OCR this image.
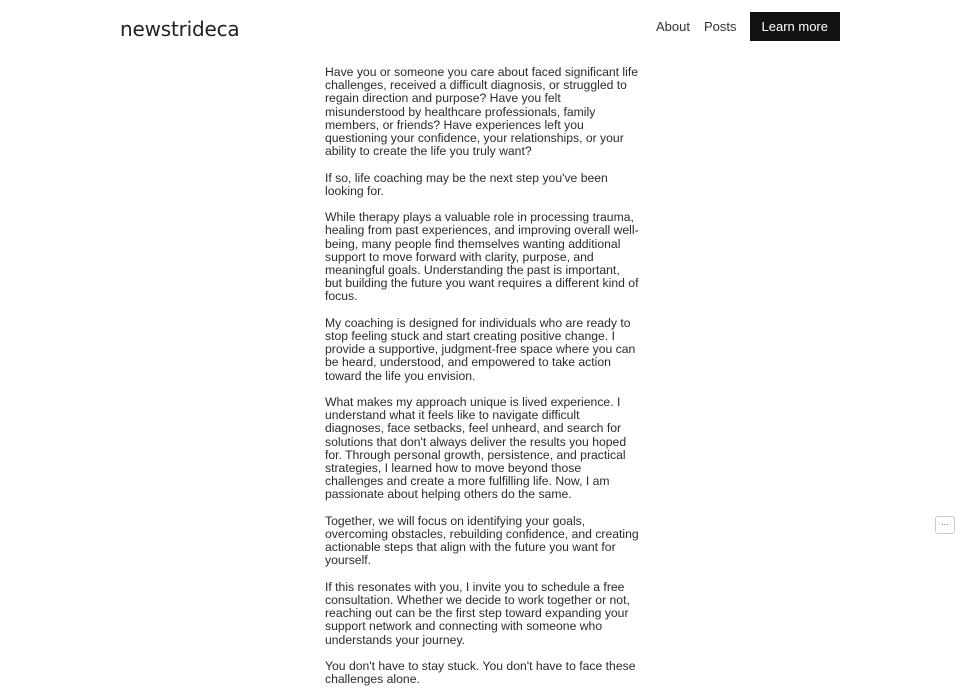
newstrideca	About Posts	Learn more

Have you or someone you care about faced significant life challenges, received a difficult diagnosis, or struggled to regain direction and purpose? Have you felt misunderstood by healthcare professionals, family members, or friends? Have experiences left you questioning your confidence, your relationships, or your ability to create the life you truly want?

If so, life coaching may be the next step you've been looking for.

While therapy plays a valuable role in processing trauma, healing from past experiences, and improving overall well-being, many people find themselves wanting additional support to move forward with clarity, purpose, and meaningful goals. Understanding the past is important, but building the future you want requires a different kind of focus.

My coaching is designed for individuals who are ready to stop feeling stuck and start creating positive change. I provide a supportive, judgment-free space where you can be heard, understood, and empowered to take action toward the life you envision.

What makes my approach unique is lived experience. I understand what it feels like to navigate difficult diagnoses, face setbacks, feel unheard, and search for solutions that don't always deliver the results you hoped for. Through personal growth, persistence, and practical strategies, I learned how to move beyond those challenges and create a more fulfilling life. Now, I am passionate about helping others do the same.

Together, we will focus on identifying your goals, overcoming obstacles, rebuilding confidence, and creating actionable steps that align with the future you want for yourself.

If this resonates with you, I invite you to schedule a free consultation. Whether we decide to work together or not, reaching out can be the first step toward expanding your support network and connecting with someone who understands your journey.

You don't have to stay stuck. You don't have to face these challenges alone.

···
